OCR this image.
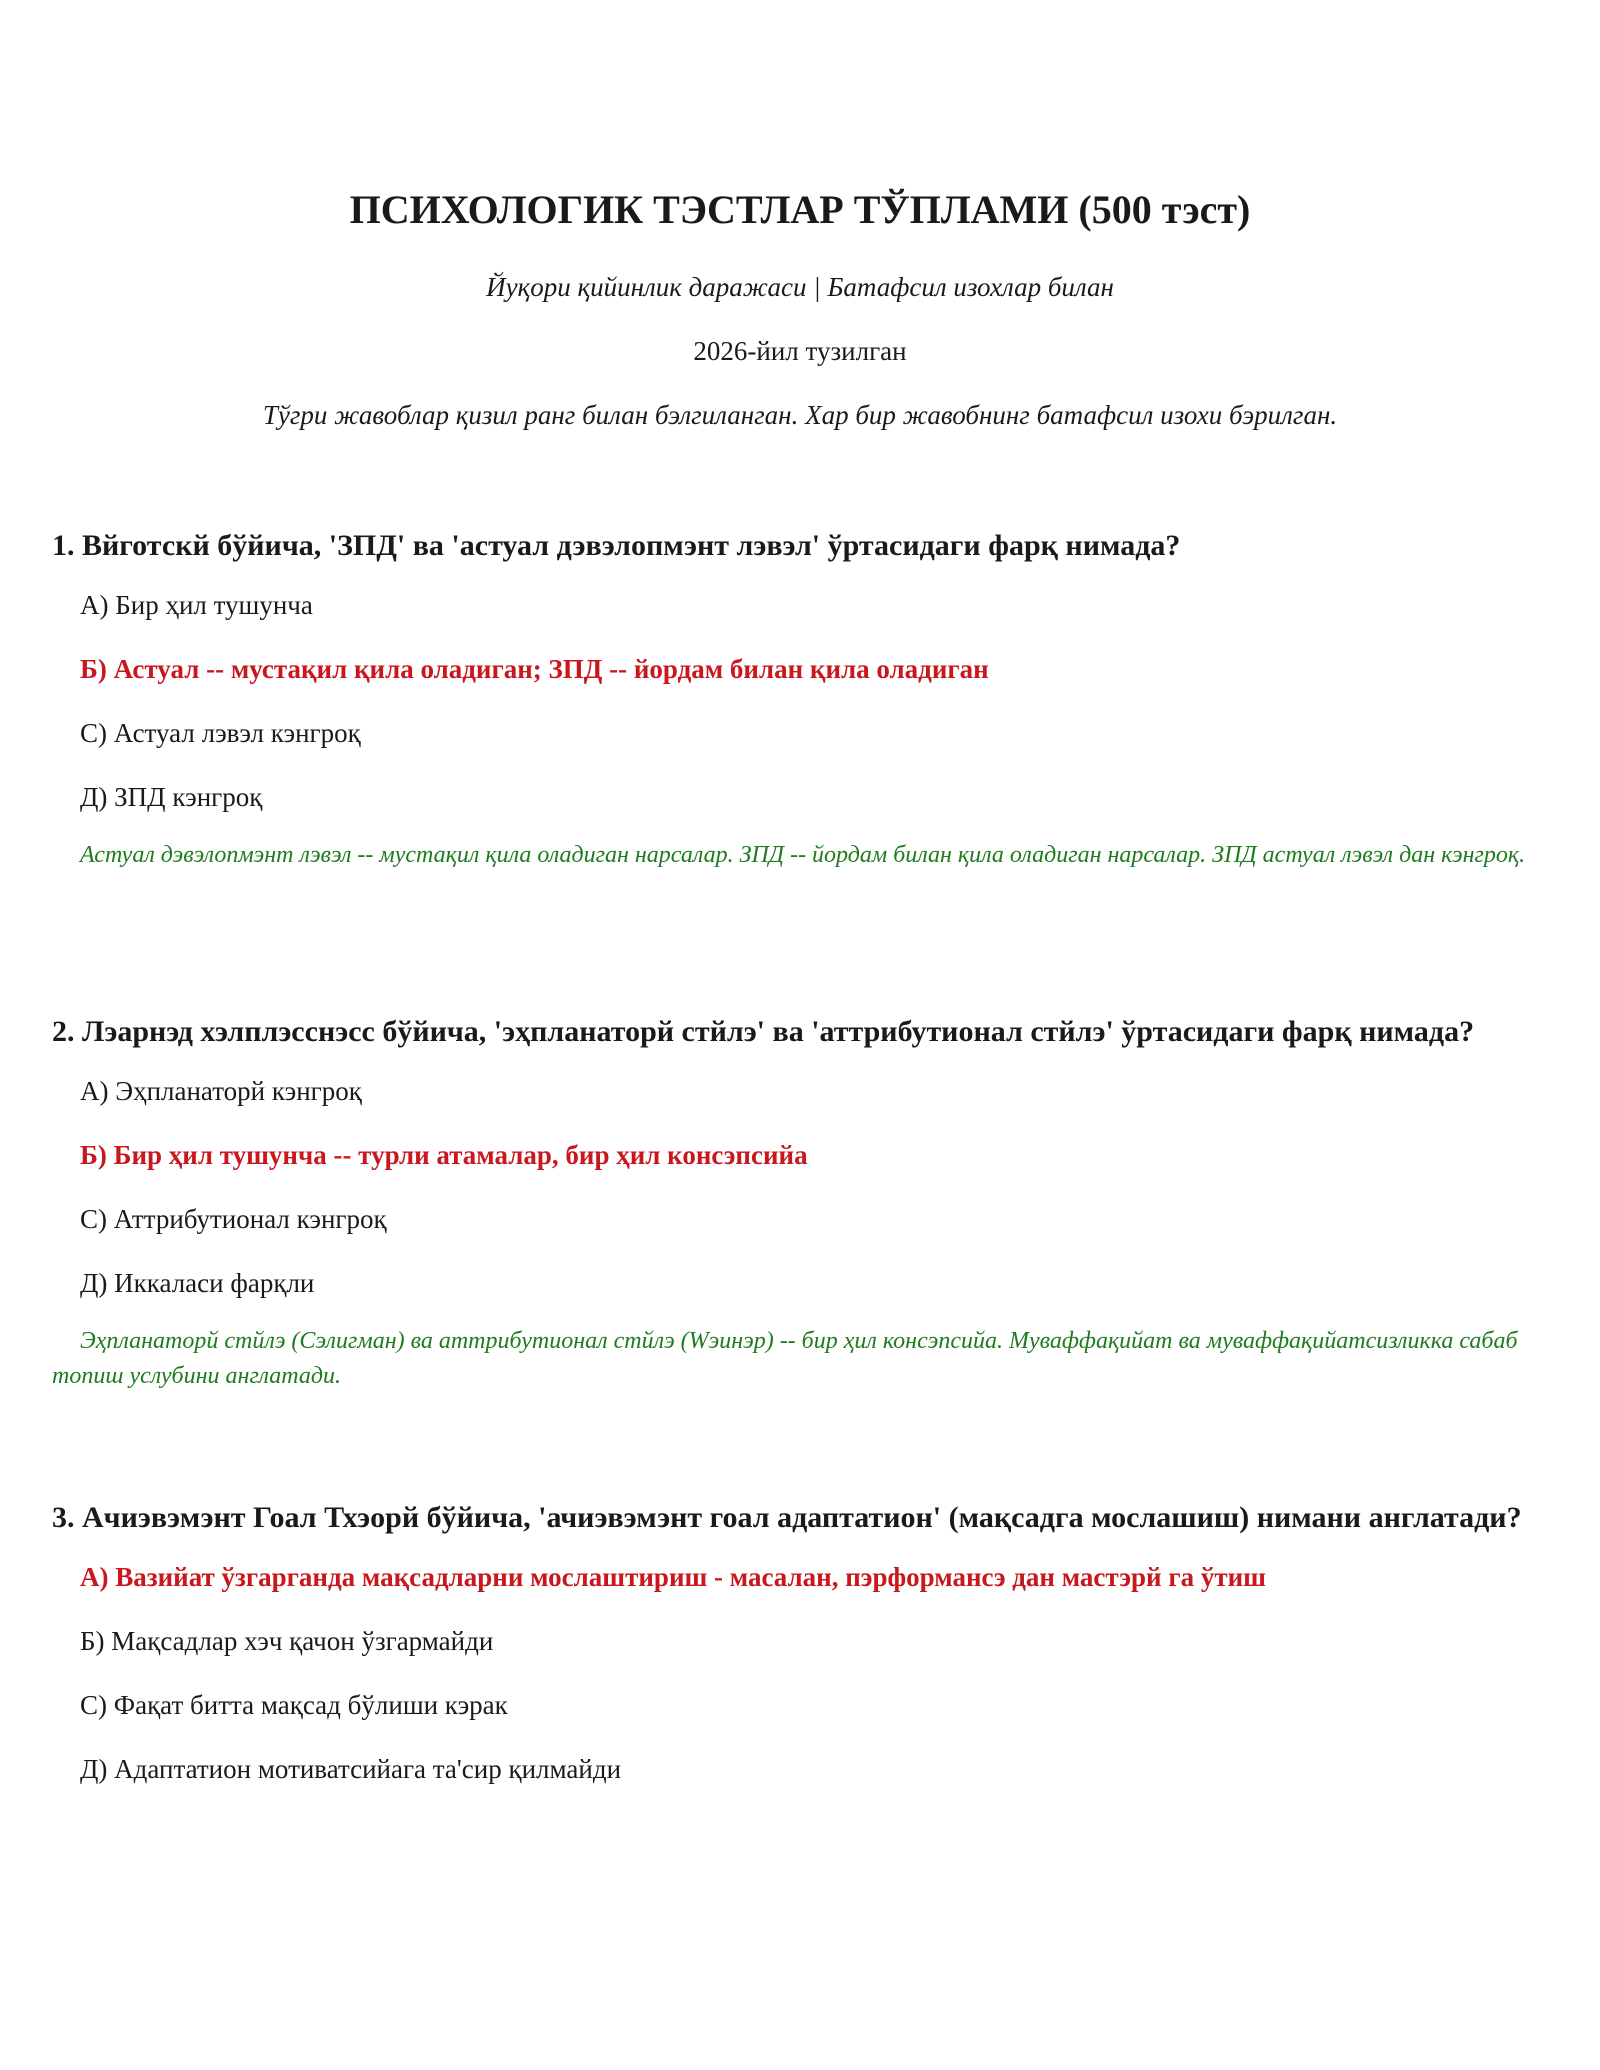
ПСИХОЛОГИК ТЭСТЛАР ТЎПЛАМИ (500 тэст)
Йуқори қийинлик даражаси | Батафсил изохлар билан
2026-йил тузилган
Тўгри жавоблар қизил ранг билан бэлгиланган. Хар бир жавобнинг батафсил изохи бэрилган.

1. Вйготскй бўйича, 'ЗПД' ва 'астуал дэвэлопмэнт лэвэл' ўртасидаги фарқ нимада?

А) Бир ҳил тушунча
Б) Астуал -- мустақил қила оладиган; ЗПД -- йордам билан қила оладиган
С) Астуал лэвэл кэнгроқ
Д) ЗПД кэнгроқ

Астуал дэвэлопмэнт лэвэл -- мустақил қила оладиган нарсалар. ЗПД -- йордам билан қила оладиган нарсалар. ЗПД астуал лэвэл дан кэнгроқ.

2. Лэарнэд хэлплэсснэсс бўйича, 'эҳпланаторй стйлэ' ва 'аттрибутионал стйлэ' ўртасидаги фарқ нимада?

А) Эҳпланаторй кэнгроқ
Б) Бир ҳил тушунча -- турли атамалар, бир ҳил консэпсийа
С) Аттрибутионал кэнгроқ
Д) Иккаласи фарқли

Эҳпланаторй стйлэ (Сэлигман) ва аттрибутионал стйлэ (Wэинэр) -- бир ҳил консэпсийа. Муваффақийат ва муваффақийатсизликка сабаб топиш услубини англатади.

3. Ачиэвэмэнт Гоал Тхэорй бўйича, 'ачиэвэмэнт гоал адаптатион' (мақсадга мослашиш) нимани англатади?

А) Вазийат ўзгарганда мақсадларни мослаштириш - масалан, пэрформансэ дан мастэрй га ўтиш
Б) Мақсадлар хэч қачон ўзгармайди
С) Фақат битта мақсад бўлиши кэрак
Д) Адаптатион мотиватсийага та'сир қилмайди
